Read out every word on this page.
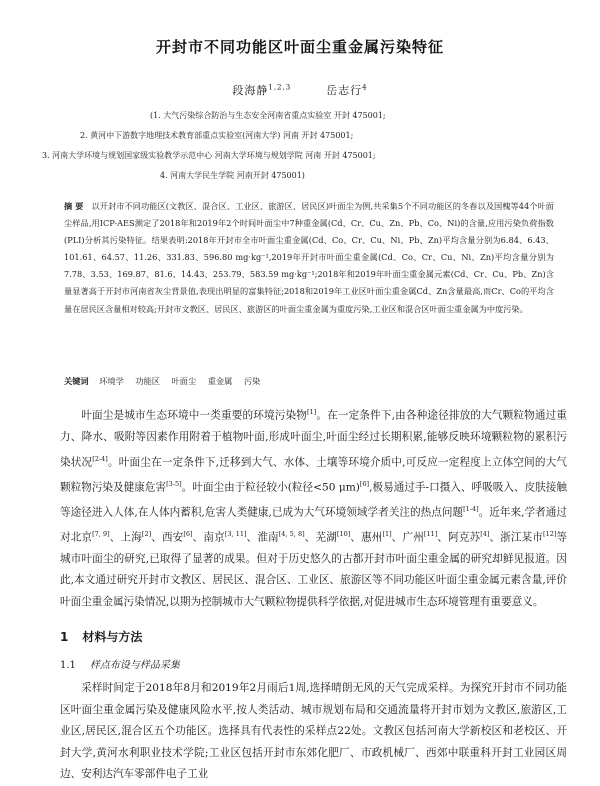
开封市不同功能区叶面尘重金属污染特征
段海静$^{1,2,3}$	岳志行$^4$
(1. 大气污染综合防治与生态安全河南省重点实验室 开封 475001;
2. 黄河中下游数字地理技术教育部重点实验室(河南大学) 河南 开封 475001;
3. 河南大学环境与规划国家级实验教学示范中心 河南大学环境与规划学院 河南 开封 475001;
4. 河南大学民生学院 河南开封 475001)
摘 要 以开封市不同功能区(文教区、混合区、工业区、旅游区、居民区)叶面尘为例,共采集5个不同功能区的冬春以及国槐等44个叶面尘样品,用ICP-AES测定了2018年和2019年2个时间叶面尘中7种重金属(Cd、Cr、Cu、Zn、Pb、Co、Ni)的含量,应用污染负荷指数(PLI)分析其污染特征。结果表明:2018年开封市全市叶面尘重金属(Cd、Co、Cr、Cu、Ni、Pb、Zn)平均含量分别为6.84、6.43、101.61、64.57、11.26、331.83、596.80 mg·kg⁻¹,2019年开封市叶面尘重金属(Cd、Co、Cr、Cu、Ni、Zn)平均含量分别为7.78、3.53、169.87、81.6、14.43、253.79、583.59 mg·kg⁻¹;2018年和2019年叶面尘重金属元素(Cd、Cr、Cu、Pb、Zn)含量显著高于开封市河南省灰尘背景值,表现出明显的富集特征;2018和2019年工业区叶面尘重金属Cd、Zn含量最高,而Cr、Co的平均含量在居民区含量相对较高;开封市文教区、居民区、旅游区的叶面尘重金属为重度污染,工业区和混合区叶面尘重金属为中度污染。
关键词 环境学 功能区 叶面尘 重金属 污染
叶面尘是城市生态环境中一类重要的环境污染物[1]。在一定条件下,由各种途径排放的大气颗粒物通过重力、降水、吸附等因素作用附着于植物叶面,形成叶面尘,叶面尘经过长期积累,能够反映环境颗粒物的累积污染状况[2-4]。叶面尘在一定条件下,迁移到大气、水体、土壤等环境介质中,可反应一定程度上立体空间的大气颗粒物污染及健康危害[3-5]。叶面尘由于粒径较小(粒径<50 μm)[6],极易通过手-口摄入、呼吸吸入、皮肤接触等途径进入人体,在人体内蓄积,危害人类健康,已成为大气环境领域学者关注的热点问题[1-4]。近年来,学者通过对北京[7, 9]、上海[2]、西安[6]、南京[3, 11]、淮南[4, 5, 8]、芜湖[10]、惠州[1]、广州[11]、阿克苏[4]、浙江某市[12]等城市叶面尘的研究,已取得了显著的成果。但对于历史悠久的古都开封市叶面尘重金属的研究却鲜见报道。因此,本文通过研究开封市文教区、居民区、混合区、工业区、旅游区等不同功能区叶面尘重金属元素含量,评价叶面尘重金属污染情况,以期为控制城市大气颗粒物提供科学依据,对促进城市生态环境管理有重要意义。
1 材料与方法
1.1 样点布设与样品采集
采样时间定于2018年8月和2019年2月雨后1周,选择晴朗无风的天气完成采样。为探究开封市不同功能区叶面尘重金属污染及健康风险水平,按人类活动、城市规划布局和交通流量将开封市划为文教区,旅游区,工业区,居民区,混合区五个功能区。选择具有代表性的采样点22处。文教区包括河南大学新校区和老校区、开封大学,黄河水利职业技术学院;工业区包括开封市东郊化肥厂、市政机械厂、西郊中联重科开封工业园区周边、安利达汽车零部件电子工业
